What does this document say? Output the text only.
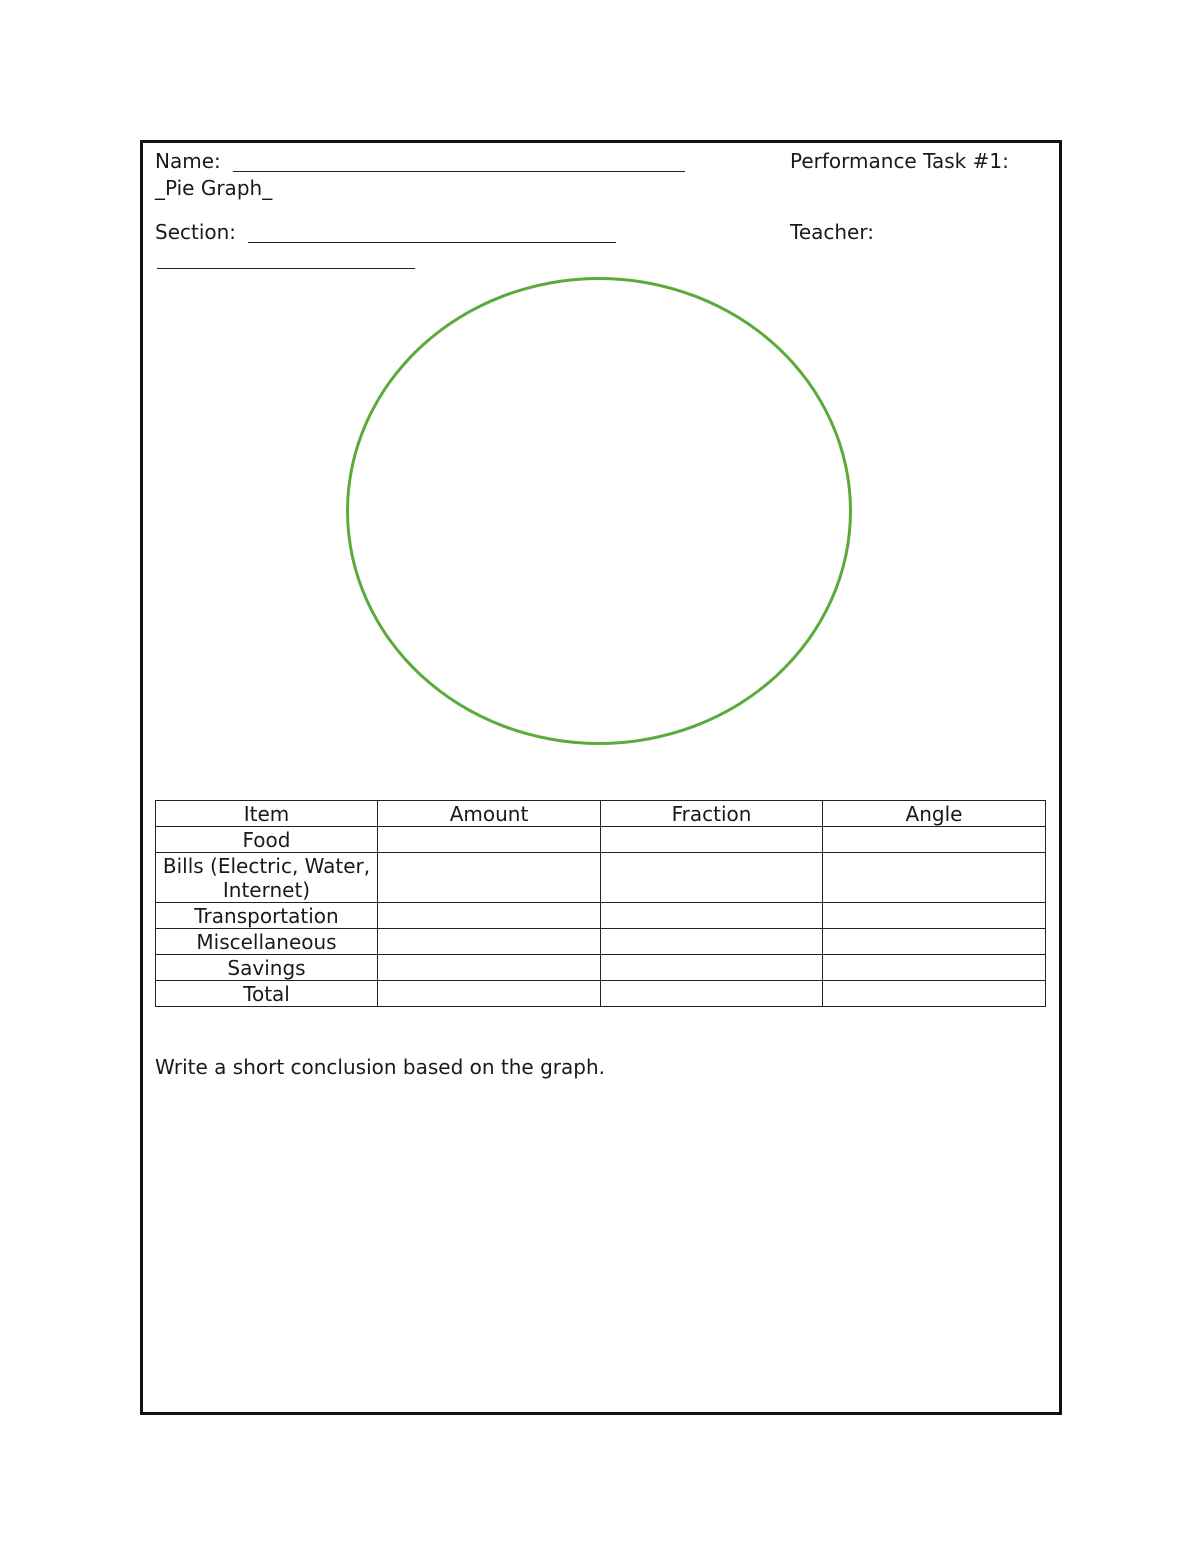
Name:	Performance Task #1:
_Pie Graph_
Section:	Teacher:
Item	Amount	Fraction	Angle
Food			
Bills (Electric, Water, Internet)			
Transportation			
Miscellaneous			
Savings			
Total			
Write a short conclusion based on the graph.
